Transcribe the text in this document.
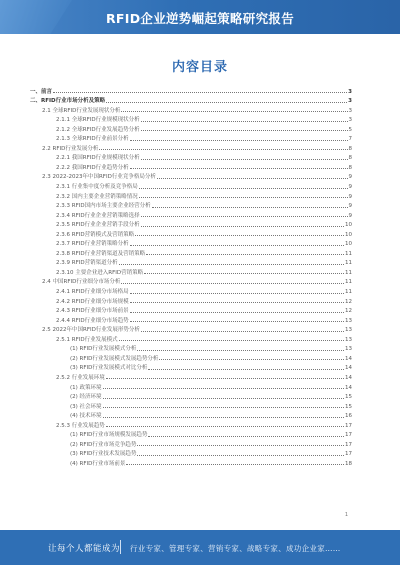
RFID企业逆势崛起策略研究报告
内容目录
一、前言	3
二、RFID行业市场分析及策略	3
2.1 全球RFID行业发展现状分析	3
2.1.1 全球RFID行业规模现状分析	3
2.1.2 全球RFID行业发展趋势分析	5
2.1.3 全球RFID行业前景分析	7
2.2 RFID行业发展分析	8
2.2.1 我国RFID行业规模现状分析	8
2.2.2 我国RFID行业趋势分析	8
2.3 2022-2023年中国RFID行业竞争格局分析	9
2.3.1 行业集中度分析及竞争格局	9
2.3.2 国内主要企业营销策略情况	9
2.3.3 RFID国内市场主要企业经营分析	9
2.3.4 RFID行业企业营销策略选择	9
2.3.5 RFID行业企业营销手段分析	10
2.3.6 RFID营销模式及营销策略	10
2.3.7 RFID行业营销策略分析	10
2.3.8 RFID行业营销渠道及营销策略	11
2.3.9 RFID营销渠道分析	11
2.3.10 主要企业进入RFID营销策略	11
2.4 中国RFID行业细分市场分析	11
2.4.1 RFID行业细分市场格局	11
2.4.2 RFID行业细分市场规模	12
2.4.3 RFID行业细分市场前景	12
2.4.4 RFID行业细分市场趋势	13
2.5 2022年中国RFID行业发展形势分析	13
2.5.1 RFID行业发展模式	13
(1) RFID行业发展模式分析	13
(2) RFID行业发展模式发展趋势分析	14
(3) RFID行业发展模式对比分析	14
2.5.2 行业发展环境	14
(1) 政策环境	14
(2) 经济环境	15
(3) 社会环境	15
(4) 技术环境	16
2.5.3 行业发展趋势	17
(1) RFID行业市场规模发展趋势	17
(2) RFID行业市场竞争趋势	17
(3) RFID行业技术发展趋势	17
(4) RFID行业市场前景	18
1
让每个人都能成为 行业专家、管理专家、营销专家、战略专家、成功企业家……
